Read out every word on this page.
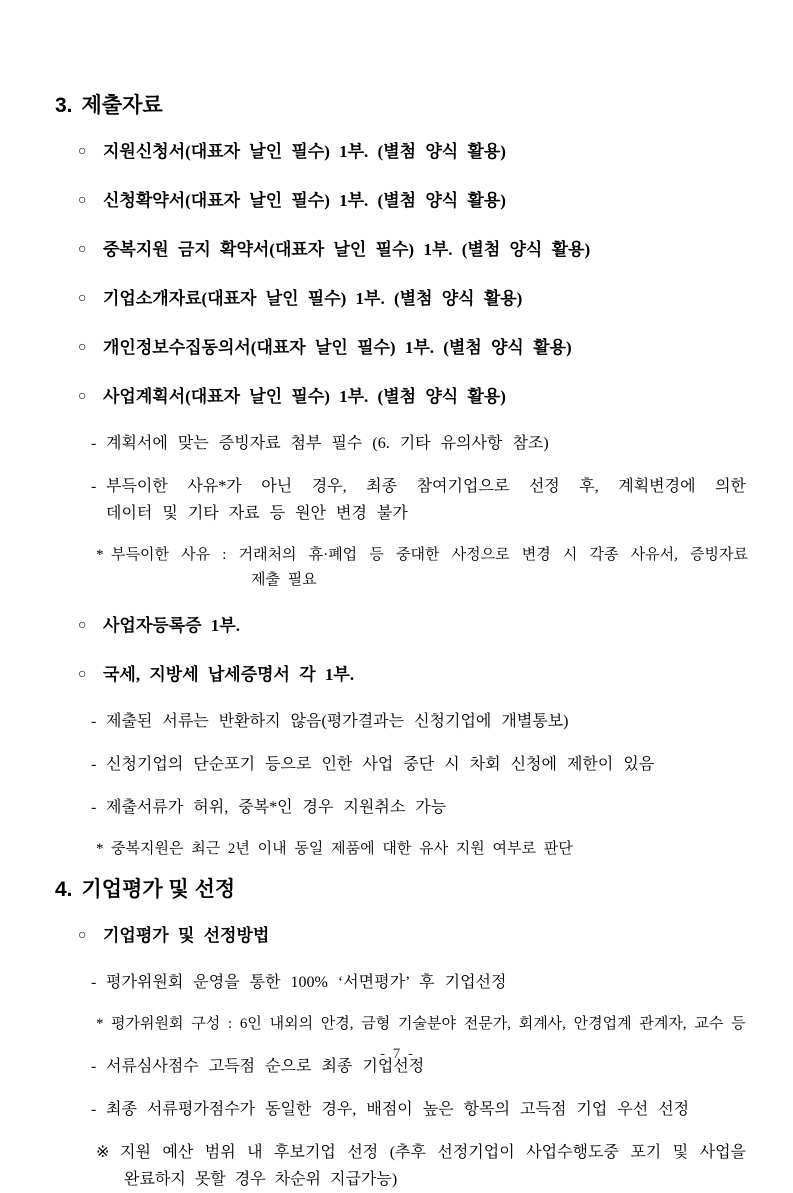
3. 제출자료

○ 지원신청서(대표자 날인 필수) 1부. (별첨 양식 활용)

○ 신청확약서(대표자 날인 필수) 1부. (별첨 양식 활용)

○ 중복지원 금지 확약서(대표자 날인 필수) 1부. (별첨 양식 활용)

○ 기업소개자료(대표자 날인 필수) 1부. (별첨 양식 활용)

○ 개인정보수집동의서(대표자 날인 필수) 1부. (별첨 양식 활용)

○ 사업계획서(대표자 날인 필수) 1부. (별첨 양식 활용)

- 계획서에 맞는 증빙자료 첨부 필수 (6. 기타 유의사항 참조)

- 부득이한 사유*가 아닌 경우, 최종 참여기업으로 선정 후, 계획변경에 의한
데이터 및 기타 자료 등 원안 변경 불가

* 부득이한 사유 : 거래처의 휴·폐업 등 중대한 사정으로 변경 시 각종 사유서, 증빙자료
제출 필요

○ 사업자등록증 1부.

○ 국세, 지방세 납세증명서 각 1부.

- 제출된 서류는 반환하지 않음(평가결과는 신청기업에 개별통보)

- 신청기업의 단순포기 등으로 인한 사업 중단 시 차회 신청에 제한이 있음

- 제출서류가 허위, 중복*인 경우 지원취소 가능

* 중복지원은 최근 2년 이내 동일 제품에 대한 유사 지원 여부로 판단

4. 기업평가 및 선정

○ 기업평가 및 선정방법

- 평가위원회 운영을 통한 100% ‘서면평가’ 후 기업선정

* 평가위원회 구성 : 6인 내외의 안경, 금형 기술분야 전문가, 회계사, 안경업계 관계자, 교수 등

- 서류심사점수 고득점 순으로 최종 기업선정

- 최종 서류평가점수가 동일한 경우, 배점이 높은 항목의 고득점 기업 우선 선정

※ 지원 예산 범위 내 후보기업 선정 (추후 선정기업이 사업수행도중 포기 및 사업을
완료하지 못할 경우 차순위 지급가능)

- 7 -
